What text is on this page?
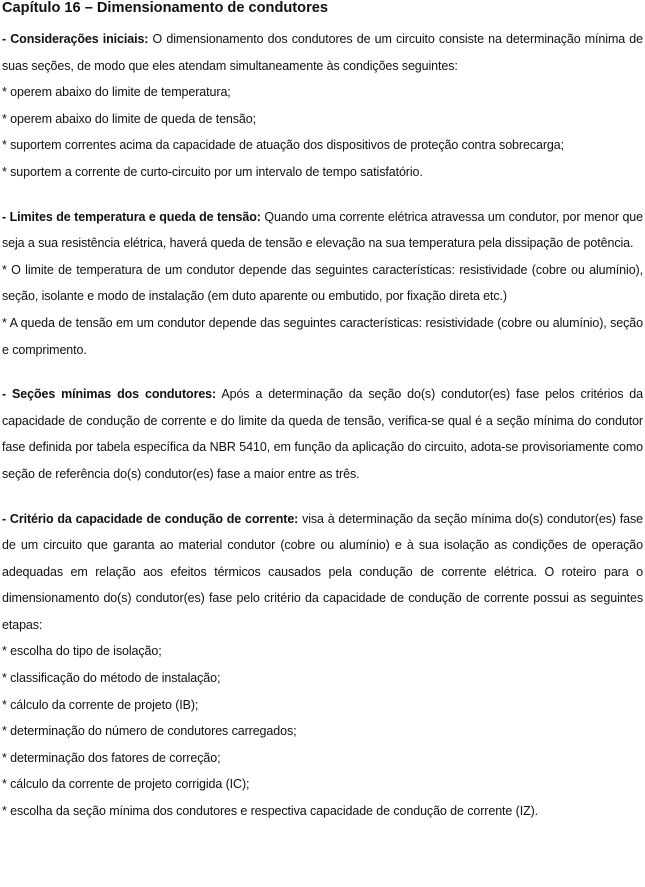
Capítulo 16 – Dimensionamento de condutores

- Considerações iniciais: O dimensionamento dos condutores de um circuito consiste na determinação mínima de suas seções, de modo que eles atendam simultaneamente às condições seguintes:

* operem abaixo do limite de temperatura;

* operem abaixo do limite de queda de tensão;

* suportem correntes acima da capacidade de atuação dos dispositivos de proteção contra sobrecarga;

* suportem a corrente de curto-circuito por um intervalo de tempo satisfatório.

- Limites de temperatura e queda de tensão: Quando uma corrente elétrica atravessa um condutor, por menor que seja a sua resistência elétrica, haverá queda de tensão e elevação na sua temperatura pela dissipação de potência.

* O limite de temperatura de um condutor depende das seguintes características: resistividade (cobre ou alumínio), seção, isolante e modo de instalação (em duto aparente ou embutido, por fixação direta etc.)

* A queda de tensão em um condutor depende das seguintes características: resistividade (cobre ou alumínio), seção e comprimento.

- Seções mínimas dos condutores: Após a determinação da seção do(s) condutor(es) fase pelos critérios da capacidade de condução de corrente e do limite da queda de tensão, verifica-se qual é a seção mínima do condutor fase definida por tabela específica da NBR 5410, em função da aplicação do circuito, adota-se provisoriamente como seção de referência do(s) condutor(es) fase a maior entre as três.

- Critério da capacidade de condução de corrente: visa à determinação da seção mínima do(s) condutor(es) fase de um circuito que garanta ao material condutor (cobre ou alumínio) e à sua isolação as condições de operação adequadas em relação aos efeitos térmicos causados pela condução de corrente elétrica. O roteiro para o dimensionamento do(s) condutor(es) fase pelo critério da capacidade de condução de corrente possui as seguintes etapas:

* escolha do tipo de isolação;

* classificação do método de instalação;

* cálculo da corrente de projeto (IB);

* determinação do número de condutores carregados;

* determinação dos fatores de correção;

* cálculo da corrente de projeto corrigida (IC);

* escolha da seção mínima dos condutores e respectiva capacidade de condução de corrente (IZ).
